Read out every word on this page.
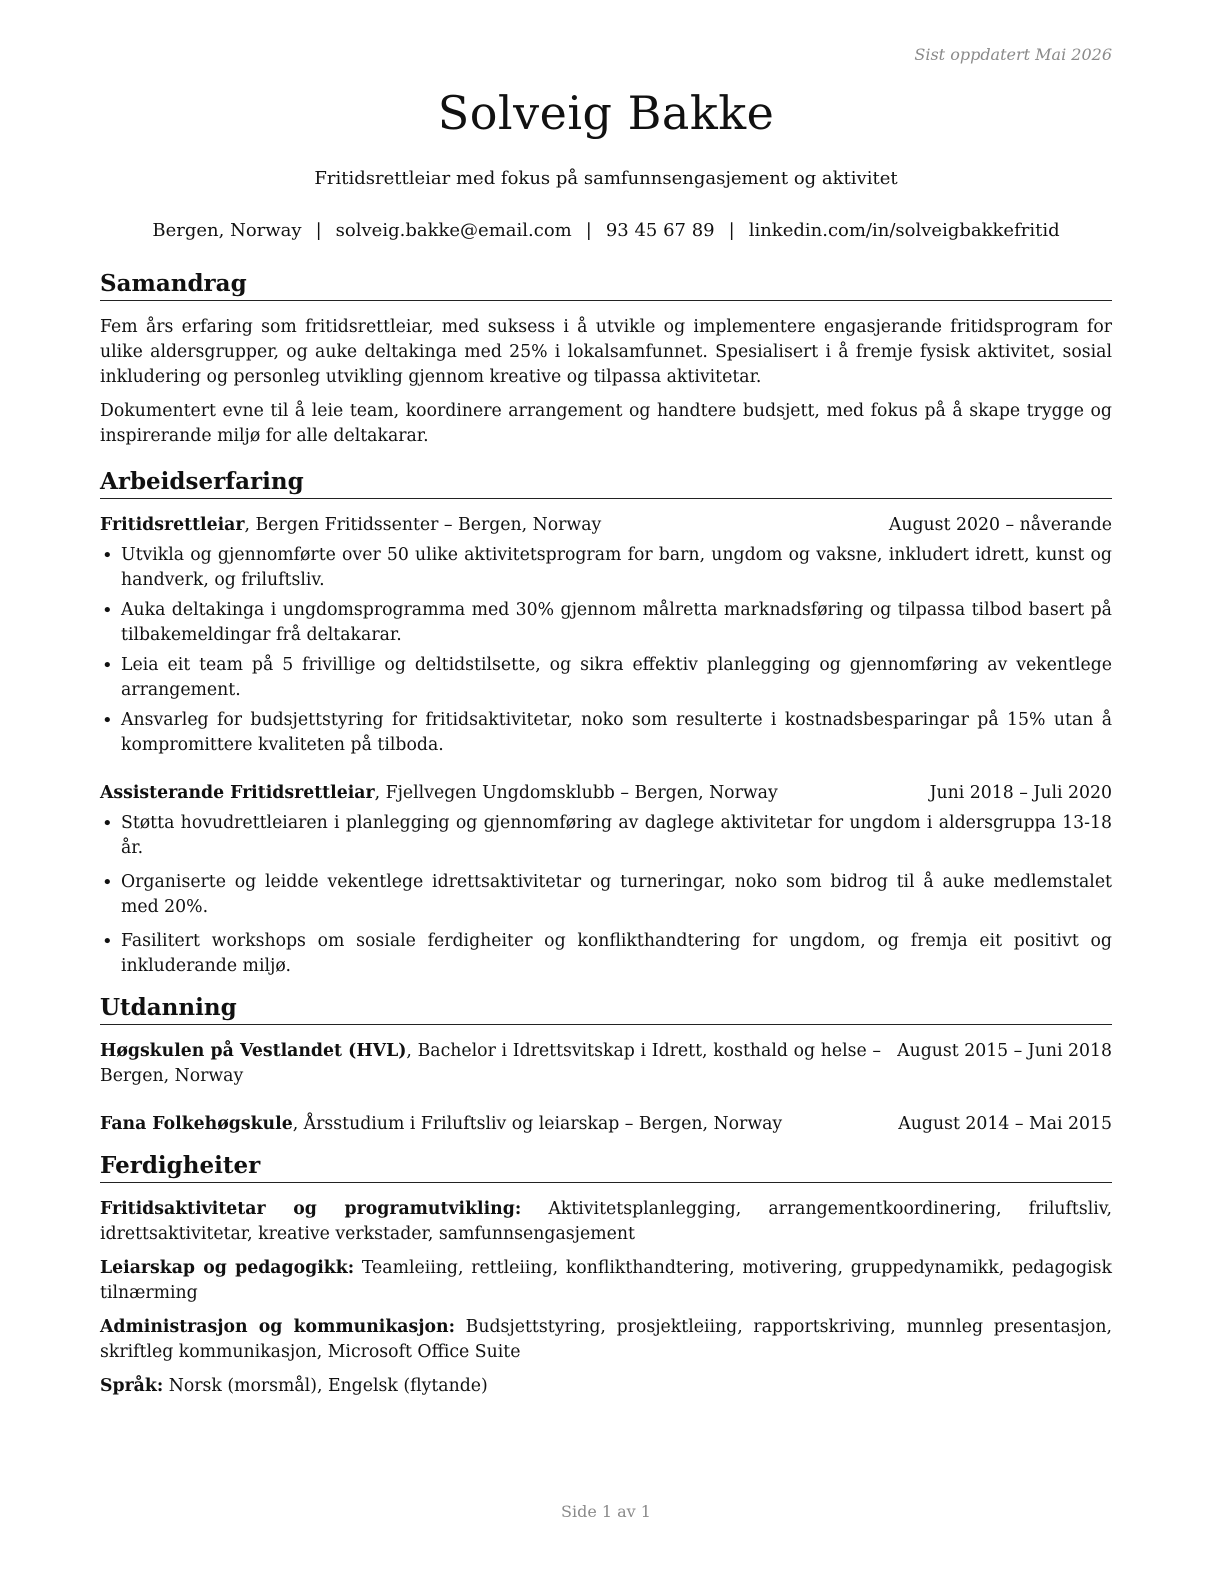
Sist oppdatert Mai 2026
Solveig Bakke
Fritidsrettleiar med fokus på samfunnsengasjement og aktivitet
Bergen, Norway | solveig.bakke@email.com | 93 45 67 89 | linkedin.com/in/solveigbakkefritid
Samandrag

Fem års erfaring som fritidsrettleiar, med suksess i å utvikle og implementere engasjerande fritidsprogram for ulike aldersgrupper, og auke deltakinga med 25% i lokalsamfunnet. Spesialisert i å fremje fysisk aktivitet, sosial inkludering og personleg utvikling gjennom kreative og tilpassa aktivitetar.

Dokumentert evne til å leie team, koordinere arrangement og handtere budsjett, med fokus på å skape trygge og inspirerande miljø for alle deltakarar.

Arbeidserfaring
Fritidsrettleiar, Bergen Fritidssenter – Bergen, Norway	August 2020 – nåverande
• Utvikla og gjennomførte over 50 ulike aktivitetsprogram for barn, ungdom og vaksne, inkludert idrett, kunst og handverk, og friluftsliv.
• Auka deltakinga i ungdomsprogramma med 30% gjennom målretta marknadsføring og tilpassa tilbod basert på tilbakemeldingar frå deltakarar.
• Leia eit team på 5 frivillige og deltidstilsette, og sikra effektiv planlegging og gjennomføring av vekentlege arrangement.
• Ansvarleg for budsjettstyring for fritidsaktivitetar, noko som resulterte i kostnadsbesparingar på 15% utan å kompromittere kvaliteten på tilboda.
Assisterande Fritidsrettleiar, Fjellvegen Ungdomsklubb – Bergen, Norway	Juni 2018 – Juli 2020
• Støtta hovudrettleiaren i planlegging og gjennomføring av daglege aktivitetar for ungdom i aldersgruppa 13-18 år.
• Organiserte og leidde vekentlege idrettsaktivitetar og turneringar, noko som bidrog til å auke medlemstalet med 20%.
• Fasilitert workshops om sosiale ferdigheiter og konflikthandtering for ungdom, og fremja eit positivt og inkluderande miljø.
Utdanning
Høgskulen på Vestlandet (HVL), Bachelor i Idrettsvitskap i Idrett, kosthald og helse – Bergen, Norway
August 2015 – Juni 2018
Fana Folkehøgskule, Årsstudium i Friluftsliv og leiarskap – Bergen, Norway	August 2014 – Mai 2015
Ferdigheiter

Fritidsaktivitetar og programutvikling: Aktivitetsplanlegging, arrangementkoordinering, friluftsliv, idrettsaktivitetar, kreative verkstader, samfunnsengasjement

Leiarskap og pedagogikk: Teamleiing, rettleiing, konflikthandtering, motivering, gruppedynamikk, pedagogisk tilnærming

Administrasjon og kommunikasjon: Budsjettstyring, prosjektleiing, rapportskriving, munnleg presentasjon, skriftleg kommunikasjon, Microsoft Office Suite

Språk: Norsk (morsmål), Engelsk (flytande)

Side 1 av 1
